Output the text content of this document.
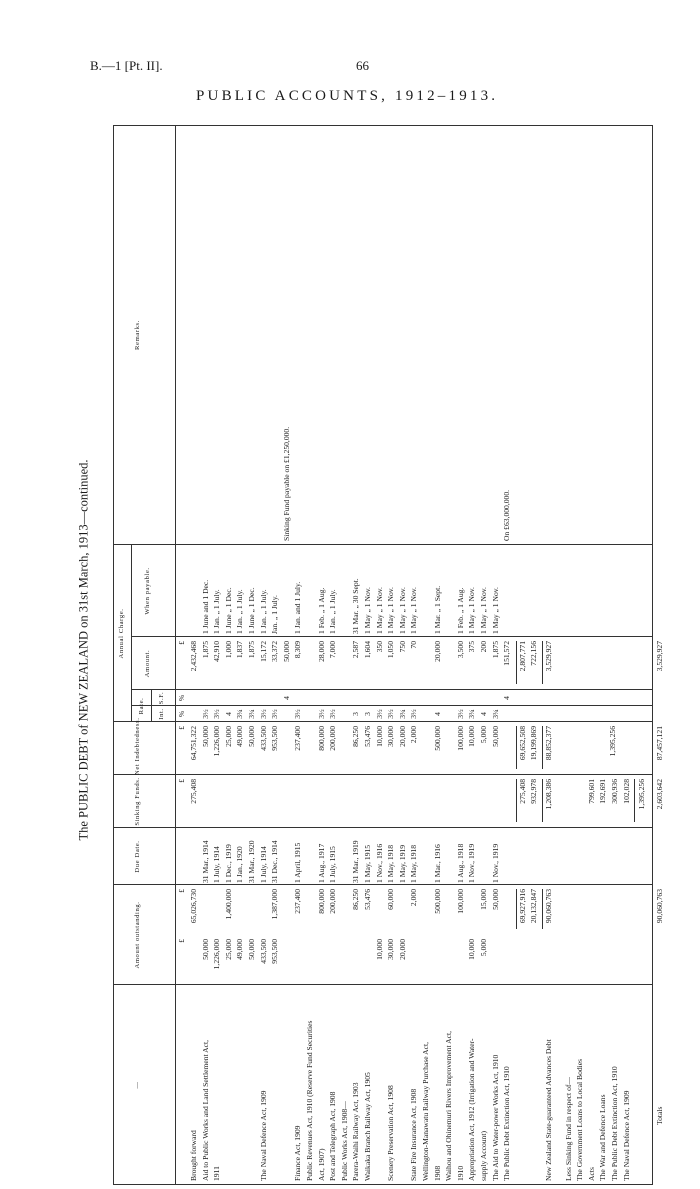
B.—1 [Pt. II].	66
PUBLIC ACCOUNTS, 1912–1913.
The PUBLIC DEBT of NEW ZEALAND on 31st March, 1913—continued.
—
Amount outstanding.
Due Date.
Sinking Funds.
Net Indebtedness.
Annual Charge.
Rate.	Int.
S.F.
Amount.
When payable.
Remarks.
£
£
£
£
%
%
£
Brought forward
65,026,730
275,408
64,751,322
2,432,468
Aid to Public Works and Land Settlement Act,
50,000
31 Mar., 1914
50,000
3½
1,875
1 June and 1 Dec.
1911
1,226,000
1 July, 1914
1,226,000
3½
42,910
1 Jan. „ 1 July.
25,000
1,400,000
1 Dec., 1919
25,000
4
1,000
1 June „ 1 Dec.
49,000
1 Jan., 1920
49,000
3¾
1,837
1 Jan. „ 1 July.
50,000
31 Mar., 1920
50,000
3¾
1,875
1 June „ 1 Dec.
The Naval Defence Act, 1909
433,500
1 July, 1914
433,500
3½
15,172
1 Jan. „ 1 July.
953,500
1,387,000
31 Dec., 1914
953,500
3½
33,372
Jan. „ 1 July.
4
50,000
Sinking Fund payable on £1,250,000.
Finance Act, 1909
237,400
1 April, 1915
237,400
3½
8,309
1 Jan. and 1 July.
Public Revenues Act, 1910 (Reserve Fund Securities Act, 1907)
800,000
1 Aug., 1917
800,000
3½
28,000
1 Feb. „ 1 Aug.
Post and Telegraph Act, 1908
200,000
1 July, 1915
200,000
3½
7,000
1 Jan. „ 1 July.
Public Works Act, 1908— Parera-Waihi Railway Act, 1903
86,250
31 Mar., 1919
86,250
3
2,587
31 Mar. „ 30 Sept.
Waikaka Branch Railway Act, 1905
53,476
1 May, 1915
53,476
3
1,604
1 May „ 1 Nov.
10,000
1 Nov., 1916
10,000
3½
350
1 May „ 1 Nov.
Scenery Preservation Act, 1908
30,000
60,000
1 May, 1918
30,000
3½
1,050
1 May „ 1 Nov.
20,000
1 May, 1919
20,000
3¾
750
1 May „ 1 Nov.
State Fire Insurance Act, 1908
2,000
1 May, 1918
2,000
3½
70
1 May „ 1 Nov.
Wellington-Manawatu Railway Purchase Act, 1908
500,000
1 Mar., 1916
500,000
4
20,000
1 Mar. „ 1 Sept.
Waihou and Ohinemuri Rivers Improvement Act, 1910
100,000
1 Aug., 1918
100,000
3½
3,500
1 Feb. „ 1 Aug.
Appropriation Act, 1912 (Irrigation and Water-
10,000
1 Nov., 1919
10,000
3¾
375
1 May „ 1 Nov.
supply Account)
5,000
15,000
5,000
4
200
1 May „ 1 Nov.
The Aid to Water-power Works Act, 1910
50,000
1 Nov., 1919
50,000
3¾
1,875
1 May „ 1 Nov.
The Public Debt Extinction Act, 1910
4
151,572
On £63,000,000.
69,927,916
275,408
69,652,508
2,807,771
20,132,847
932,978
19,199,869
722,156
New Zealand State-guaranteed Advances Debt
90,060,763
1,208,386
88,852,377
3,529,927
Less Sinking Fund in respect of— The Government Loans to Local Bodies Acts
799,601
The War and Defence Loans
192,691
The Public Debt Extinction Act, 1910
300,936
The Naval Defence Act, 1909
102,028 1,395,256
1,395,256
Totals
90,060,763
2,603,642
87,457,121
3,529,927
